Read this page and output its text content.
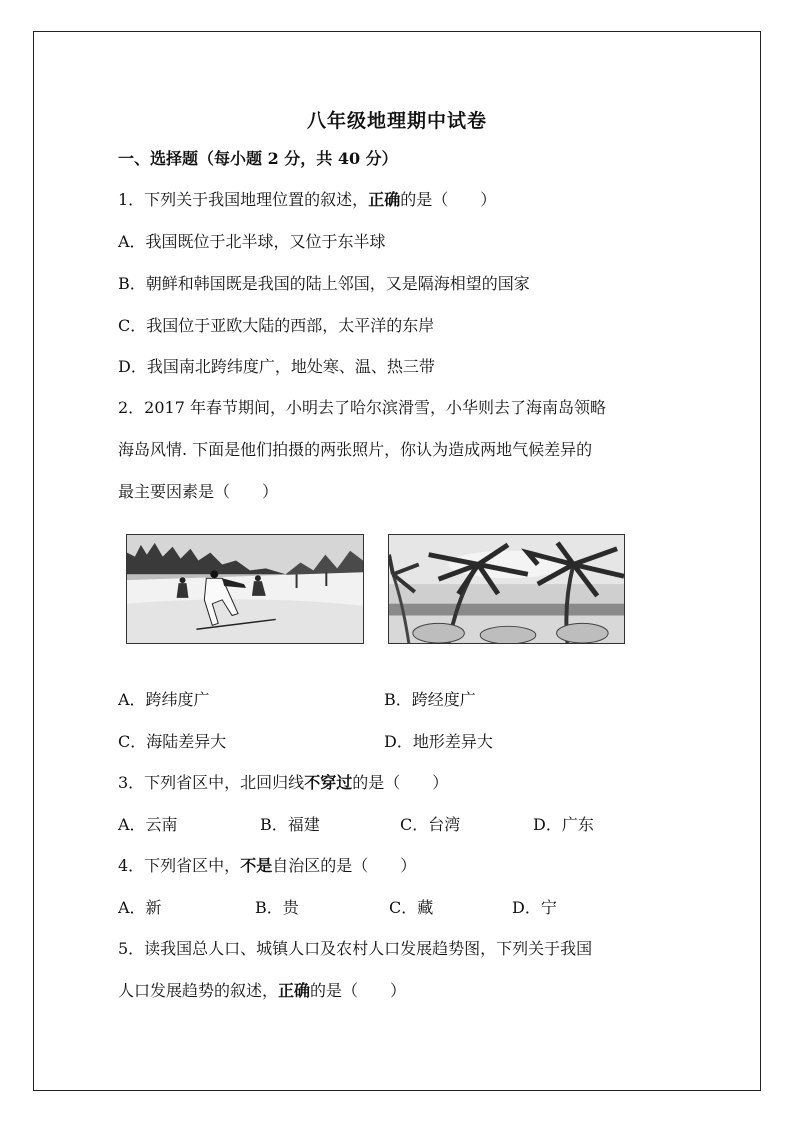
八年级地理期中试卷
一、选择题（每小题 2 分，共 40 分）
1．下列关于我国地理位置的叙述，正确的是（　　）
A．我国既位于北半球，又位于东半球
B．朝鲜和韩国既是我国的陆上邻国，又是隔海相望的国家
C．我国位于亚欧大陆的西部，太平洋的东岸
D．我国南北跨纬度广，地处寒、温、热三带
2．2017 年春节期间，小明去了哈尔滨滑雪，小华则去了海南岛领略
海岛风情. 下面是他们拍摄的两张照片，你认为造成两地气候差异的
最主要因素是（　　）
A．跨纬度广	B．跨经度广
C．海陆差异大	D．地形差异大
3．下列省区中，北回归线不穿过的是（　　）
A．云南	B．福建	C．台湾	D．广东
4．下列省区中，不是自治区的是（　　）
A．新	B．贵	C．藏	D．宁
5．读我国总人口、城镇人口及农村人口发展趋势图，下列关于我国
人口发展趋势的叙述，正确的是（　　）
